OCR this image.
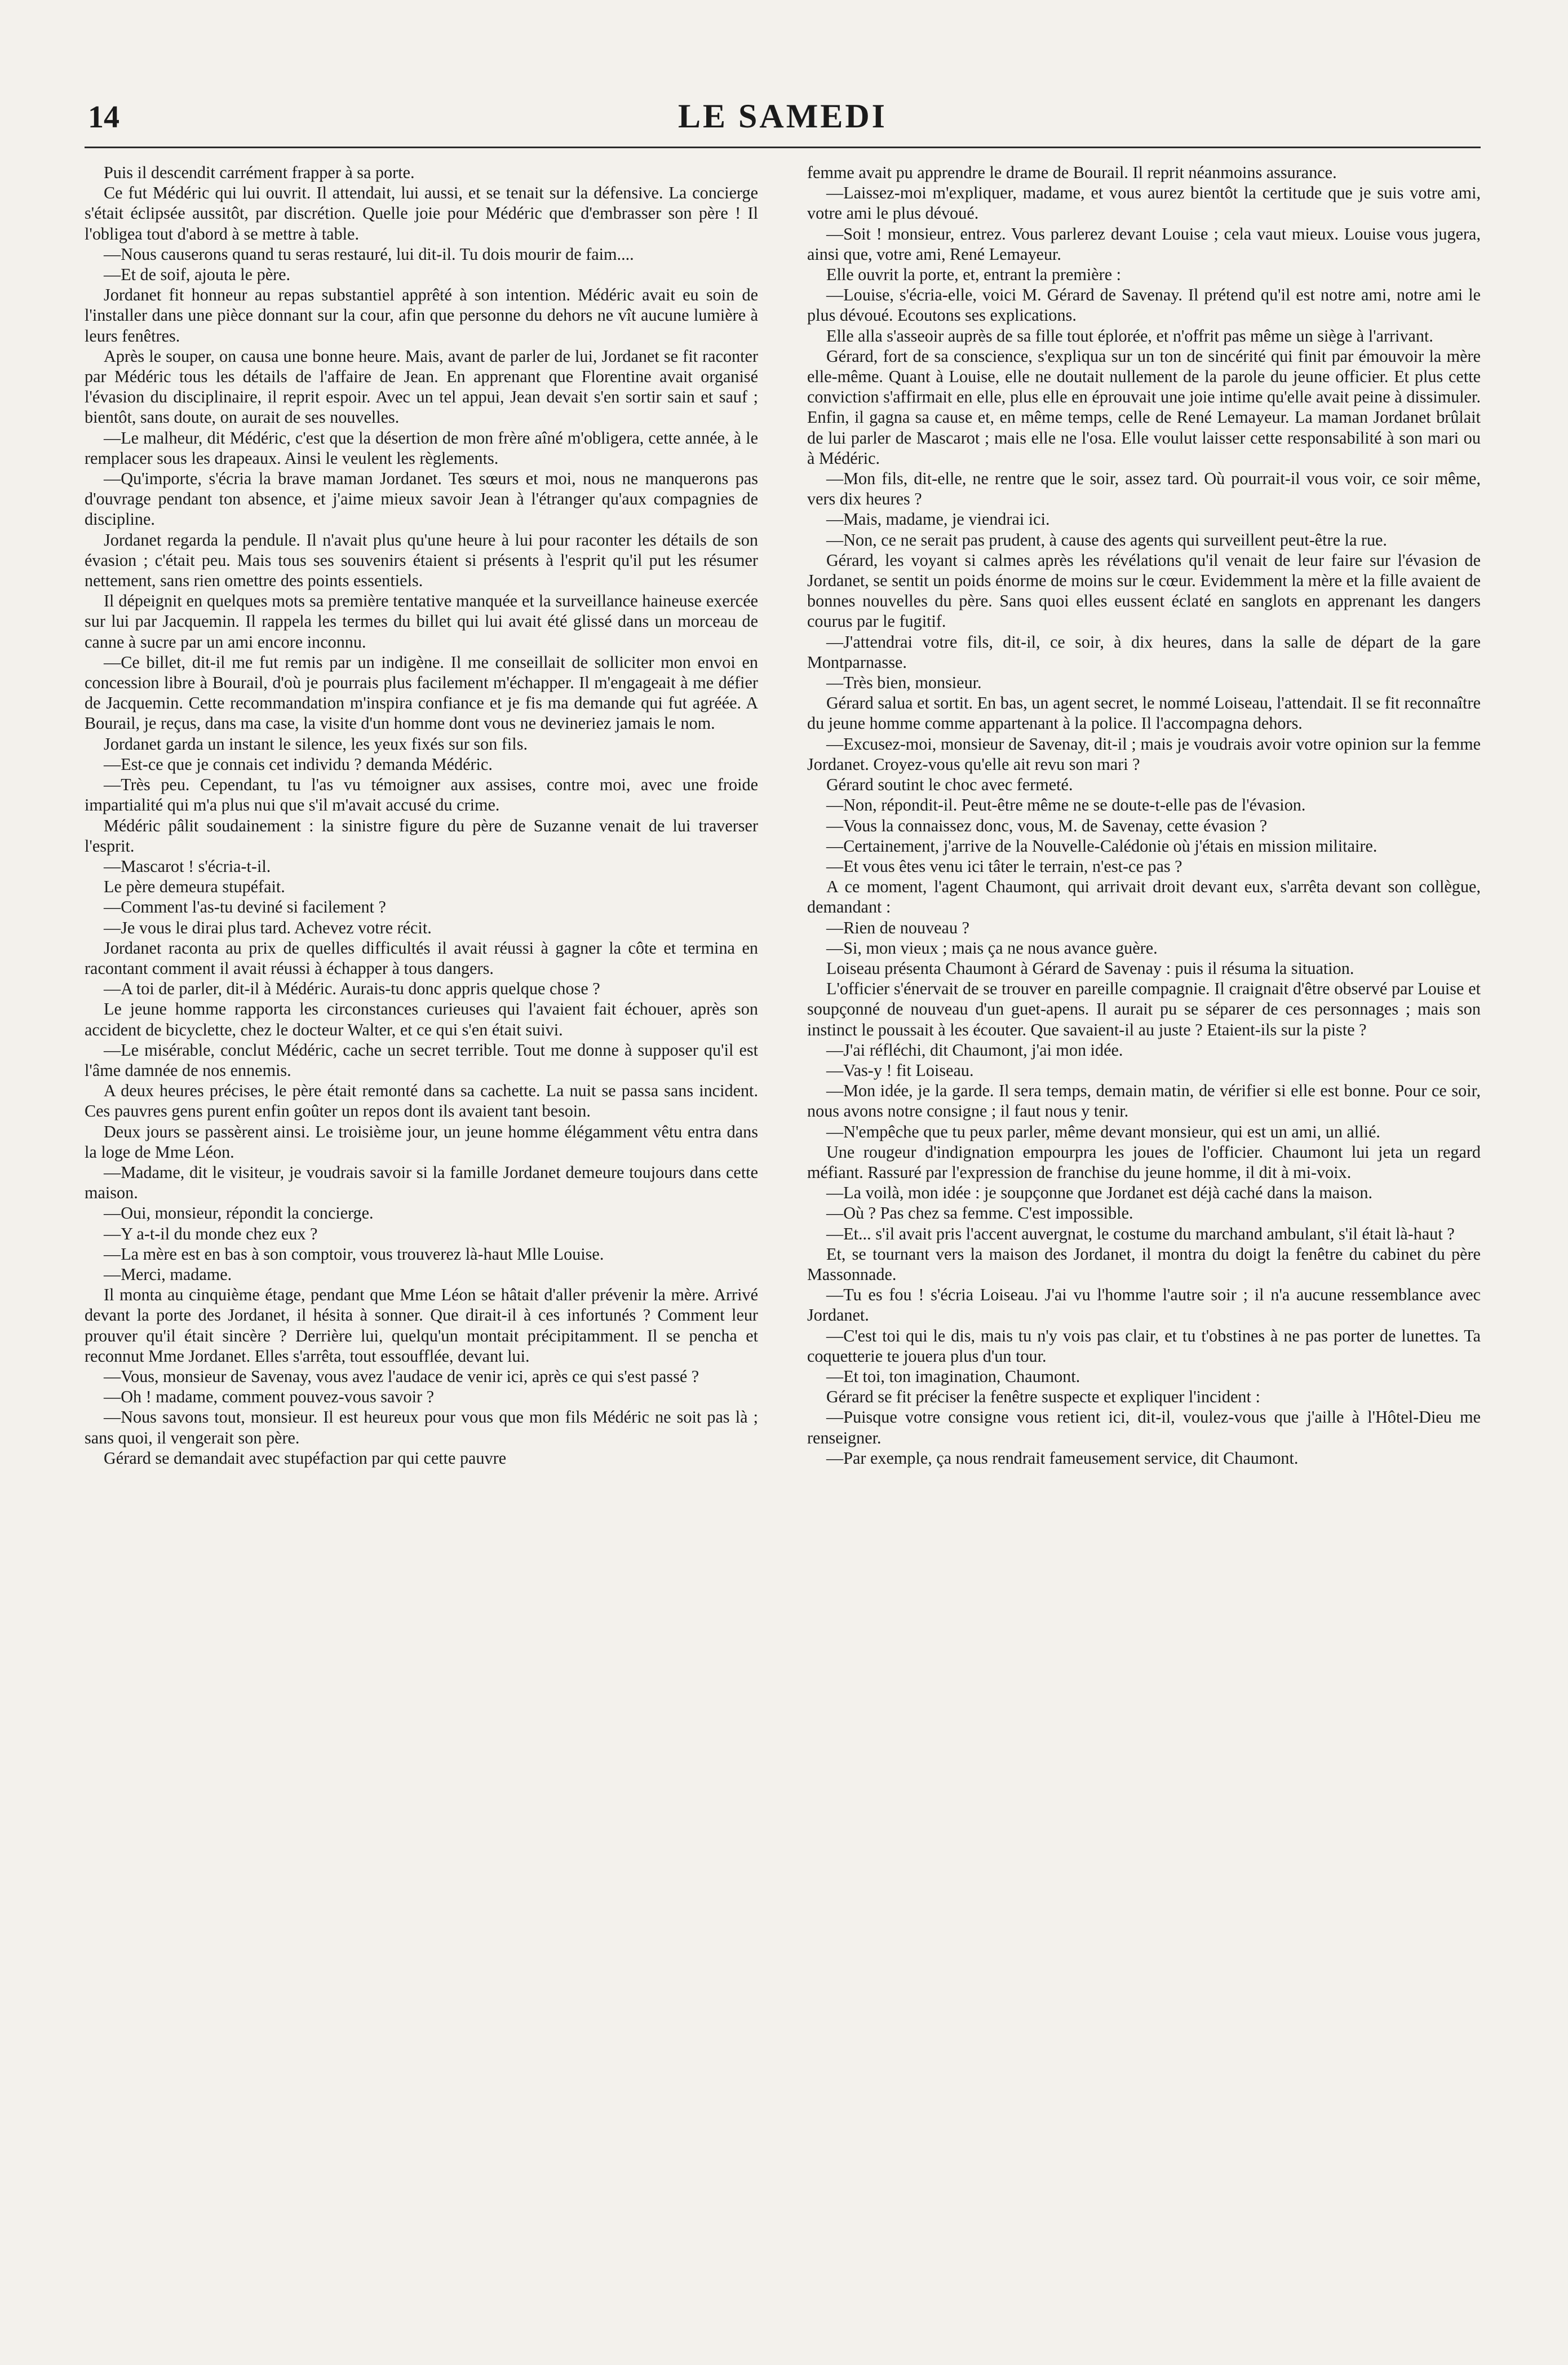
14	LE SAMEDI

Puis il descendit carrément frapper à sa porte.

Ce fut Médéric qui lui ouvrit. Il attendait, lui aussi, et se tenait sur la défensive. La concierge s'était éclipsée aussitôt, par discrétion. Quelle joie pour Médéric que d'embrasser son père ! Il l'obligea tout d'abord à se mettre à table.

—Nous causerons quand tu seras restauré, lui dit-il. Tu dois mourir de faim....

—Et de soif, ajouta le père.

Jordanet fit honneur au repas substantiel apprêté à son intention. Médéric avait eu soin de l'installer dans une pièce donnant sur la cour, afin que personne du dehors ne vît aucune lumière à leurs fenêtres.

Après le souper, on causa une bonne heure. Mais, avant de parler de lui, Jordanet se fit raconter par Médéric tous les détails de l'affaire de Jean. En apprenant que Florentine avait organisé l'évasion du disciplinaire, il reprit espoir. Avec un tel appui, Jean devait s'en sortir sain et sauf ; bientôt, sans doute, on aurait de ses nouvelles.

—Le malheur, dit Médéric, c'est que la désertion de mon frère aîné m'obligera, cette année, à le remplacer sous les drapeaux. Ainsi le veulent les règlements.

—Qu'importe, s'écria la brave maman Jordanet. Tes sœurs et moi, nous ne manquerons pas d'ouvrage pendant ton absence, et j'aime mieux savoir Jean à l'étranger qu'aux compagnies de discipline.

Jordanet regarda la pendule. Il n'avait plus qu'une heure à lui pour raconter les détails de son évasion ; c'était peu. Mais tous ses souvenirs étaient si présents à l'esprit qu'il put les résumer nettement, sans rien omettre des points essentiels.

Il dépeignit en quelques mots sa première tentative manquée et la surveillance haineuse exercée sur lui par Jacquemin. Il rappela les termes du billet qui lui avait été glissé dans un morceau de canne à sucre par un ami encore inconnu.

—Ce billet, dit-il me fut remis par un indigène. Il me conseillait de solliciter mon envoi en concession libre à Bourail, d'où je pourrais plus facilement m'échapper. Il m'engageait à me défier de Jacquemin. Cette recommandation m'inspira confiance et je fis ma demande qui fut agréée. A Bourail, je reçus, dans ma case, la visite d'un homme dont vous ne devineriez jamais le nom.

Jordanet garda un instant le silence, les yeux fixés sur son fils.

—Est-ce que je connais cet individu ? demanda Médéric.

—Très peu. Cependant, tu l'as vu témoigner aux assises, contre moi, avec une froide impartialité qui m'a plus nui que s'il m'avait accusé du crime.

Médéric pâlit soudainement : la sinistre figure du père de Suzanne venait de lui traverser l'esprit.

—Mascarot ! s'écria-t-il.

Le père demeura stupéfait.

—Comment l'as-tu deviné si facilement ?

—Je vous le dirai plus tard. Achevez votre récit.

Jordanet raconta au prix de quelles difficultés il avait réussi à gagner la côte et termina en racontant comment il avait réussi à échapper à tous dangers.

—A toi de parler, dit-il à Médéric. Aurais-tu donc appris quelque chose ?

Le jeune homme rapporta les circonstances curieuses qui l'avaient fait échouer, après son accident de bicyclette, chez le docteur Walter, et ce qui s'en était suivi.

—Le misérable, conclut Médéric, cache un secret terrible. Tout me donne à supposer qu'il est l'âme damnée de nos ennemis.

A deux heures précises, le père était remonté dans sa cachette. La nuit se passa sans incident. Ces pauvres gens purent enfin goûter un repos dont ils avaient tant besoin.

Deux jours se passèrent ainsi. Le troisième jour, un jeune homme élégamment vêtu entra dans la loge de Mme Léon.

—Madame, dit le visiteur, je voudrais savoir si la famille Jordanet demeure toujours dans cette maison.

—Oui, monsieur, répondit la concierge.

—Y a-t-il du monde chez eux ?

—La mère est en bas à son comptoir, vous trouverez là-haut Mlle Louise.

—Merci, madame.

Il monta au cinquième étage, pendant que Mme Léon se hâtait d'aller prévenir la mère. Arrivé devant la porte des Jordanet, il hésita à sonner. Que dirait-il à ces infortunés ? Comment leur prouver qu'il était sincère ? Derrière lui, quelqu'un montait précipitamment. Il se pencha et reconnut Mme Jordanet. Elles s'arrêta, tout essoufflée, devant lui.

—Vous, monsieur de Savenay, vous avez l'audace de venir ici, après ce qui s'est passé ?

—Oh ! madame, comment pouvez-vous savoir ?

—Nous savons tout, monsieur. Il est heureux pour vous que mon fils Médéric ne soit pas là ; sans quoi, il vengerait son père.

Gérard se demandait avec stupéfaction par qui cette pauvre

femme avait pu apprendre le drame de Bourail. Il reprit néanmoins assurance.

—Laissez-moi m'expliquer, madame, et vous aurez bientôt la certitude que je suis votre ami, votre ami le plus dévoué.

—Soit ! monsieur, entrez. Vous parlerez devant Louise ; cela vaut mieux. Louise vous jugera, ainsi que, votre ami, René Lemayeur.

Elle ouvrit la porte, et, entrant la première :

—Louise, s'écria-elle, voici M. Gérard de Savenay. Il prétend qu'il est notre ami, notre ami le plus dévoué. Ecoutons ses explications.

Elle alla s'asseoir auprès de sa fille tout éplorée, et n'offrit pas même un siège à l'arrivant.

Gérard, fort de sa conscience, s'expliqua sur un ton de sincérité qui finit par émouvoir la mère elle-même. Quant à Louise, elle ne doutait nullement de la parole du jeune officier. Et plus cette conviction s'affirmait en elle, plus elle en éprouvait une joie intime qu'elle avait peine à dissimuler. Enfin, il gagna sa cause et, en même temps, celle de René Lemayeur. La maman Jordanet brûlait de lui parler de Mascarot ; mais elle ne l'osa. Elle voulut laisser cette responsabilité à son mari ou à Médéric.

—Mon fils, dit-elle, ne rentre que le soir, assez tard. Où pourrait-il vous voir, ce soir même, vers dix heures ?

—Mais, madame, je viendrai ici.

—Non, ce ne serait pas prudent, à cause des agents qui surveillent peut-être la rue.

Gérard, les voyant si calmes après les révélations qu'il venait de leur faire sur l'évasion de Jordanet, se sentit un poids énorme de moins sur le cœur. Evidemment la mère et la fille avaient de bonnes nouvelles du père. Sans quoi elles eussent éclaté en sanglots en apprenant les dangers courus par le fugitif.

—J'attendrai votre fils, dit-il, ce soir, à dix heures, dans la salle de départ de la gare Montparnasse.

—Très bien, monsieur.

Gérard salua et sortit. En bas, un agent secret, le nommé Loiseau, l'attendait. Il se fit reconnaître du jeune homme comme appartenant à la police. Il l'accompagna dehors.

—Excusez-moi, monsieur de Savenay, dit-il ; mais je voudrais avoir votre opinion sur la femme Jordanet. Croyez-vous qu'elle ait revu son mari ?

Gérard soutint le choc avec fermeté.

—Non, répondit-il. Peut-être même ne se doute-t-elle pas de l'évasion.

—Vous la connaissez donc, vous, M. de Savenay, cette évasion ?

—Certainement, j'arrive de la Nouvelle-Calédonie où j'étais en mission militaire.

—Et vous êtes venu ici tâter le terrain, n'est-ce pas ?

A ce moment, l'agent Chaumont, qui arrivait droit devant eux, s'arrêta devant son collègue, demandant :

—Rien de nouveau ?

—Si, mon vieux ; mais ça ne nous avance guère.

Loiseau présenta Chaumont à Gérard de Savenay : puis il résuma la situation.

L'officier s'énervait de se trouver en pareille compagnie. Il craignait d'être observé par Louise et soupçonné de nouveau d'un guet-apens. Il aurait pu se séparer de ces personnages ; mais son instinct le poussait à les écouter. Que savaient-il au juste ? Etaient-ils sur la piste ?

—J'ai réfléchi, dit Chaumont, j'ai mon idée.

—Vas-y ! fit Loiseau.

—Mon idée, je la garde. Il sera temps, demain matin, de vérifier si elle est bonne. Pour ce soir, nous avons notre consigne ; il faut nous y tenir.

—N'empêche que tu peux parler, même devant monsieur, qui est un ami, un allié.

Une rougeur d'indignation empourpra les joues de l'officier. Chaumont lui jeta un regard méfiant. Rassuré par l'expression de franchise du jeune homme, il dit à mi-voix.

—La voilà, mon idée : je soupçonne que Jordanet est déjà caché dans la maison.

—Où ? Pas chez sa femme. C'est impossible.

—Et... s'il avait pris l'accent auvergnat, le costume du marchand ambulant, s'il était là-haut ?

Et, se tournant vers la maison des Jordanet, il montra du doigt la fenêtre du cabinet du père Massonnade.

—Tu es fou ! s'écria Loiseau. J'ai vu l'homme l'autre soir ; il n'a aucune ressemblance avec Jordanet.

—C'est toi qui le dis, mais tu n'y vois pas clair, et tu t'obstines à ne pas porter de lunettes. Ta coquetterie te jouera plus d'un tour.

—Et toi, ton imagination, Chaumont.

Gérard se fit préciser la fenêtre suspecte et expliquer l'incident :

—Puisque votre consigne vous retient ici, dit-il, voulez-vous que j'aille à l'Hôtel-Dieu me renseigner.

—Par exemple, ça nous rendrait fameusement service, dit Chaumont.
